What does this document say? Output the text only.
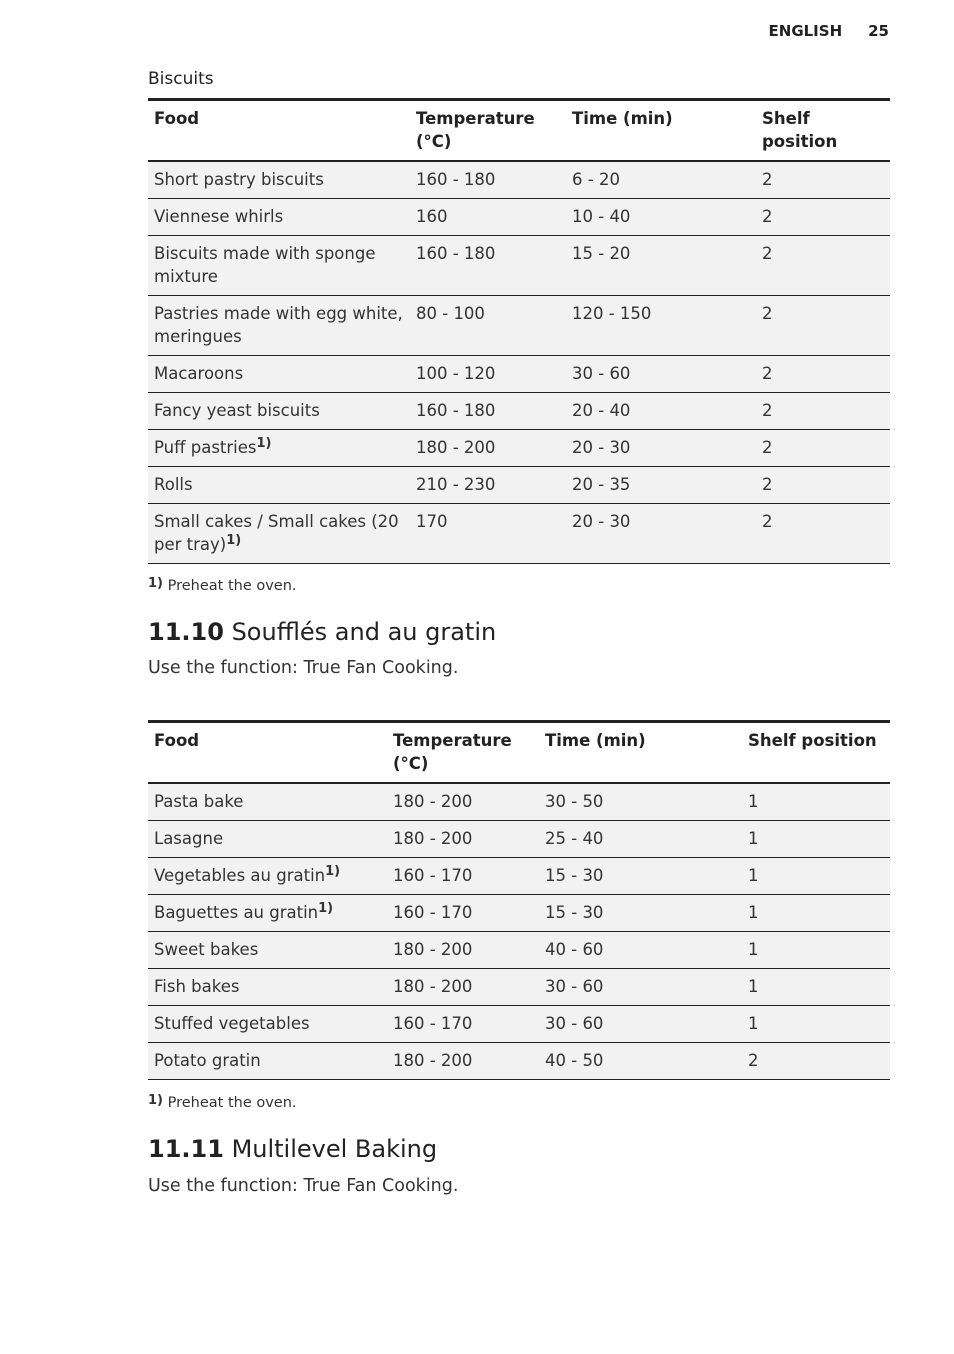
ENGLISH 25
Biscuits
Food	Temperature (°C)	Time (min)	Shelf position
Short pastry biscuits	160 - 180	6 - 20	2
Viennese whirls	160	10 - 40	2
Biscuits made with sponge mixture	160 - 180	15 - 20	2
Pastries made with egg white, meringues	80 - 100	120 - 150	2
Macaroons	100 - 120	30 - 60	2
Fancy yeast biscuits	160 - 180	20 - 40	2
Puff pastries$^{1)}$	180 - 200	20 - 30	2
Rolls	210 - 230	20 - 35	2
Small cakes / Small cakes (20 per tray)$^{1)}$	170	20 - 30	2
$^{1)}$ Preheat the oven.
11.10 Soufflés and au gratin
Use the function: True Fan Cooking.
Food	Temperature (°C)	Time (min)	Shelf position
Pasta bake	180 - 200	30 - 50	1
Lasagne	180 - 200	25 - 40	1
Vegetables au gratin$^{1)}$	160 - 170	15 - 30	1
Baguettes au gratin$^{1)}$	160 - 170	15 - 30	1
Sweet bakes	180 - 200	40 - 60	1
Fish bakes	180 - 200	30 - 60	1
Stuffed vegetables	160 - 170	30 - 60	1
Potato gratin	180 - 200	40 - 50	2
$^{1)}$ Preheat the oven.
11.11 Multilevel Baking
Use the function: True Fan Cooking.
